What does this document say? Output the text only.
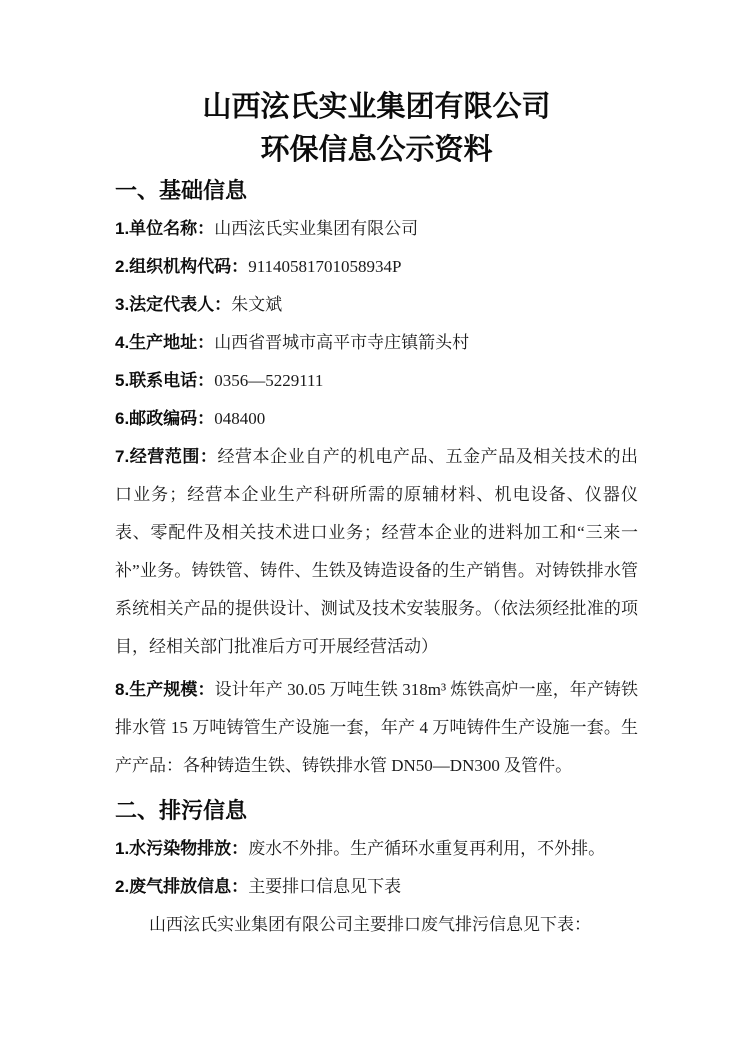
山西泫氏实业集团有限公司
环保信息公示资料
一、基础信息

1.单位名称：山西泫氏实业集团有限公司

2.组织机构代码：91140581701058934P

3.法定代表人：朱文斌

4.生产地址：山西省晋城市高平市寺庄镇箭头村

5.联系电话：0356—5229111

6.邮政编码：048400

7.经营范围：经营本企业自产的机电产品、五金产品及相关技术的出口业务；经营本企业生产科研所需的原辅材料、机电设备、仪器仪表、零配件及相关技术进口业务；经营本企业的进料加工和“三来一补”业务。铸铁管、铸件、生铁及铸造设备的生产销售。对铸铁排水管系统相关产品的提供设计、测试及技术安装服务。（依法须经批准的项目，经相关部门批准后方可开展经营活动）

8.生产规模：设计年产 30.05 万吨生铁 318m³ 炼铁高炉一座，年产铸铁排水管 15 万吨铸管生产设施一套，年产 4 万吨铸件生产设施一套。生产产品：各种铸造生铁、铸铁排水管 DN50—DN300 及管件。

二、排污信息

1.水污染物排放：废水不外排。生产循环水重复再利用，不外排。

2.废气排放信息：主要排口信息见下表

山西泫氏实业集团有限公司主要排口废气排污信息见下表：
